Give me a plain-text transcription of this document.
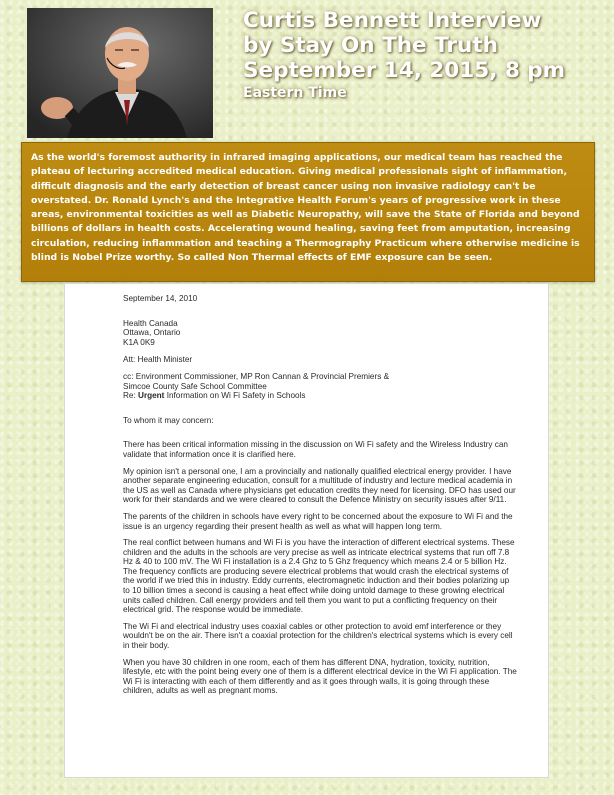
Curtis Bennett Interview
by Stay On The Truth
September 14, 2015, 8 pm
Eastern Time

As the world's foremost authority in infrared imaging applications, our medical team has reached the plateau of lecturing accredited medical education. Giving medical professionals sight of inflammation, difficult diagnosis and the early detection of breast cancer using non invasive radiology can't be overstated. Dr. Ronald Lynch's and the Integrative Health Forum's years of progressive work in these areas, environmental toxicities as well as Diabetic Neuropathy, will save the State of Florida and beyond billions of dollars in health costs. Accelerating wound healing, saving feet from amputation, increasing circulation, reducing inflammation and teaching a Thermography Practicum where otherwise medicine is blind is Nobel Prize worthy. So called Non Thermal effects of EMF exposure can be seen.

September 14, 2010

Health Canada

Ottawa, Ontario

K1A 0K9

Att: Health Minister

cc: Environment Commissioner, MP Ron Cannan & Provincial Premiers &

Simcoe County Safe School Committee

Re: Urgent Information on Wi Fi Safety in Schools

To whom it may concern:

There has been critical information missing in the discussion on Wi Fi safety and the Wireless Industry can validate that information once it is clarified here.

My opinion isn't a personal one, I am a provincially and nationally qualified electrical energy provider. I have another separate engineering education, consult for a multitude of industry and lecture medical academia in the US as well as Canada where physicians get education credits they need for licensing. DFO has used our work for their standards and we were cleared to consult the Defence Ministry on security issues after 9/11.

The parents of the children in schools have every right to be concerned about the exposure to Wi Fi and the issue is an urgency regarding their present health as well as what will happen long term.

The real conflict between humans and Wi Fi is you have the interaction of different electrical systems. These children and the adults in the schools are very precise as well as intricate electrical systems that run off 7.8 Hz & 40 to 100 mV. The Wi Fi installation is a 2.4 Ghz to 5 Ghz frequency which means 2.4 or 5 billion Hz. The frequency conflicts are producing severe electrical problems that would crash the electrical systems of the world if we tried this in industry. Eddy currents, electromagnetic induction and their bodies polarizing up to 10 billion times a second is causing a heat effect while doing untold damage to these growing electrical units called children. Call energy providers and tell them you want to put a conflicting frequency on their electrical grid. The response would be immediate.

The Wi Fi and electrical industry uses coaxial cables or other protection to avoid emf interference or they wouldn't be on the air. There isn't a coaxial protection for the children's electrical systems which is every cell in their body.

When you have 30 children in one room, each of them has different DNA, hydration, toxicity, nutrition, lifestyle, etc with the point being every one of them is a different electrical device in the Wi Fi application. The Wi Fi is interacting with each of them differently and as it goes through walls, it is going through these children, adults as well as pregnant moms.
